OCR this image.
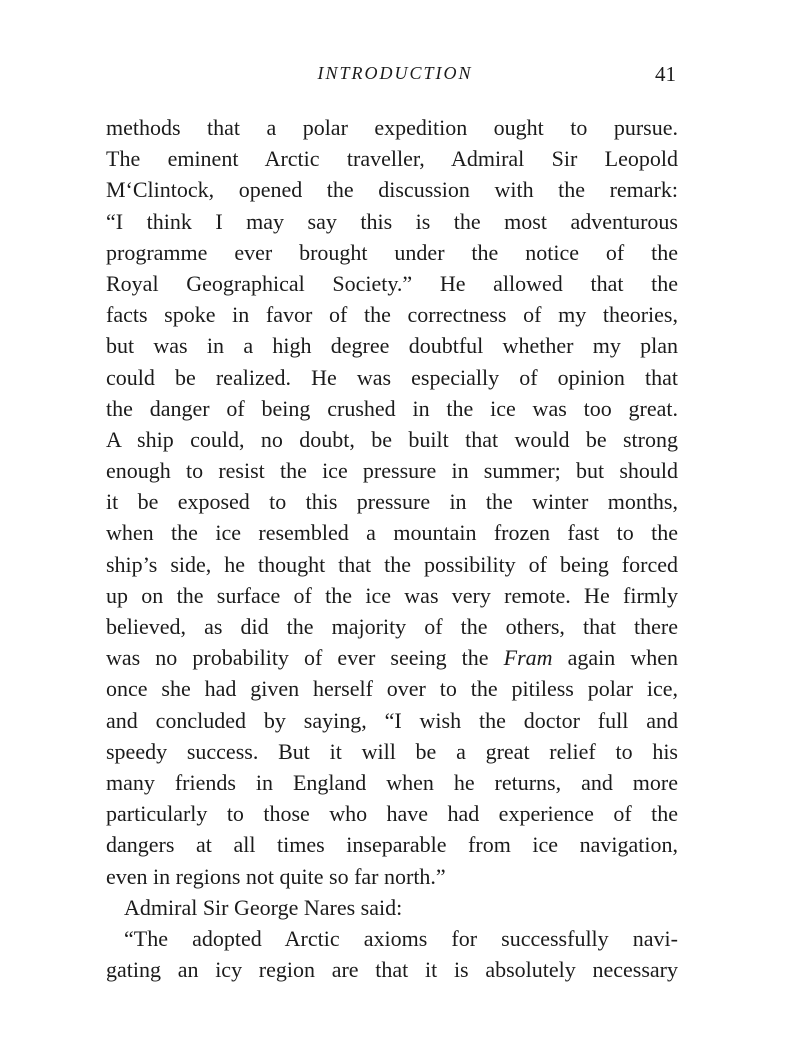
INTRODUCTION	41
methods that a polar expedition ought to pursue.
The eminent Arctic traveller, Admiral Sir Leopold
M‘Clintock, opened the discussion with the remark:
“I think I may say this is the most adventurous
programme ever brought under the notice of the
Royal Geographical Society.” He allowed that the
facts spoke in favor of the correctness of my theories,
but was in a high degree doubtful whether my plan
could be realized. He was especially of opinion that
the danger of being crushed in the ice was too great.
A ship could, no doubt, be built that would be strong
enough to resist the ice pressure in summer; but should
it be exposed to this pressure in the winter months,
when the ice resembled a mountain frozen fast to the
ship’s side, he thought that the possibility of being forced
up on the surface of the ice was very remote. He firmly
believed, as did the majority of the others, that there
was no probability of ever seeing the Fram again when
once she had given herself over to the pitiless polar ice,
and concluded by saying, “I wish the doctor full and
speedy success. But it will be a great relief to his
many friends in England when he returns, and more
particularly to those who have had experience of the
dangers at all times inseparable from ice navigation,
even in regions not quite so far north.”
Admiral Sir George Nares said:
“The adopted Arctic axioms for successfully navi-
gating an icy region are that it is absolutely necessary
